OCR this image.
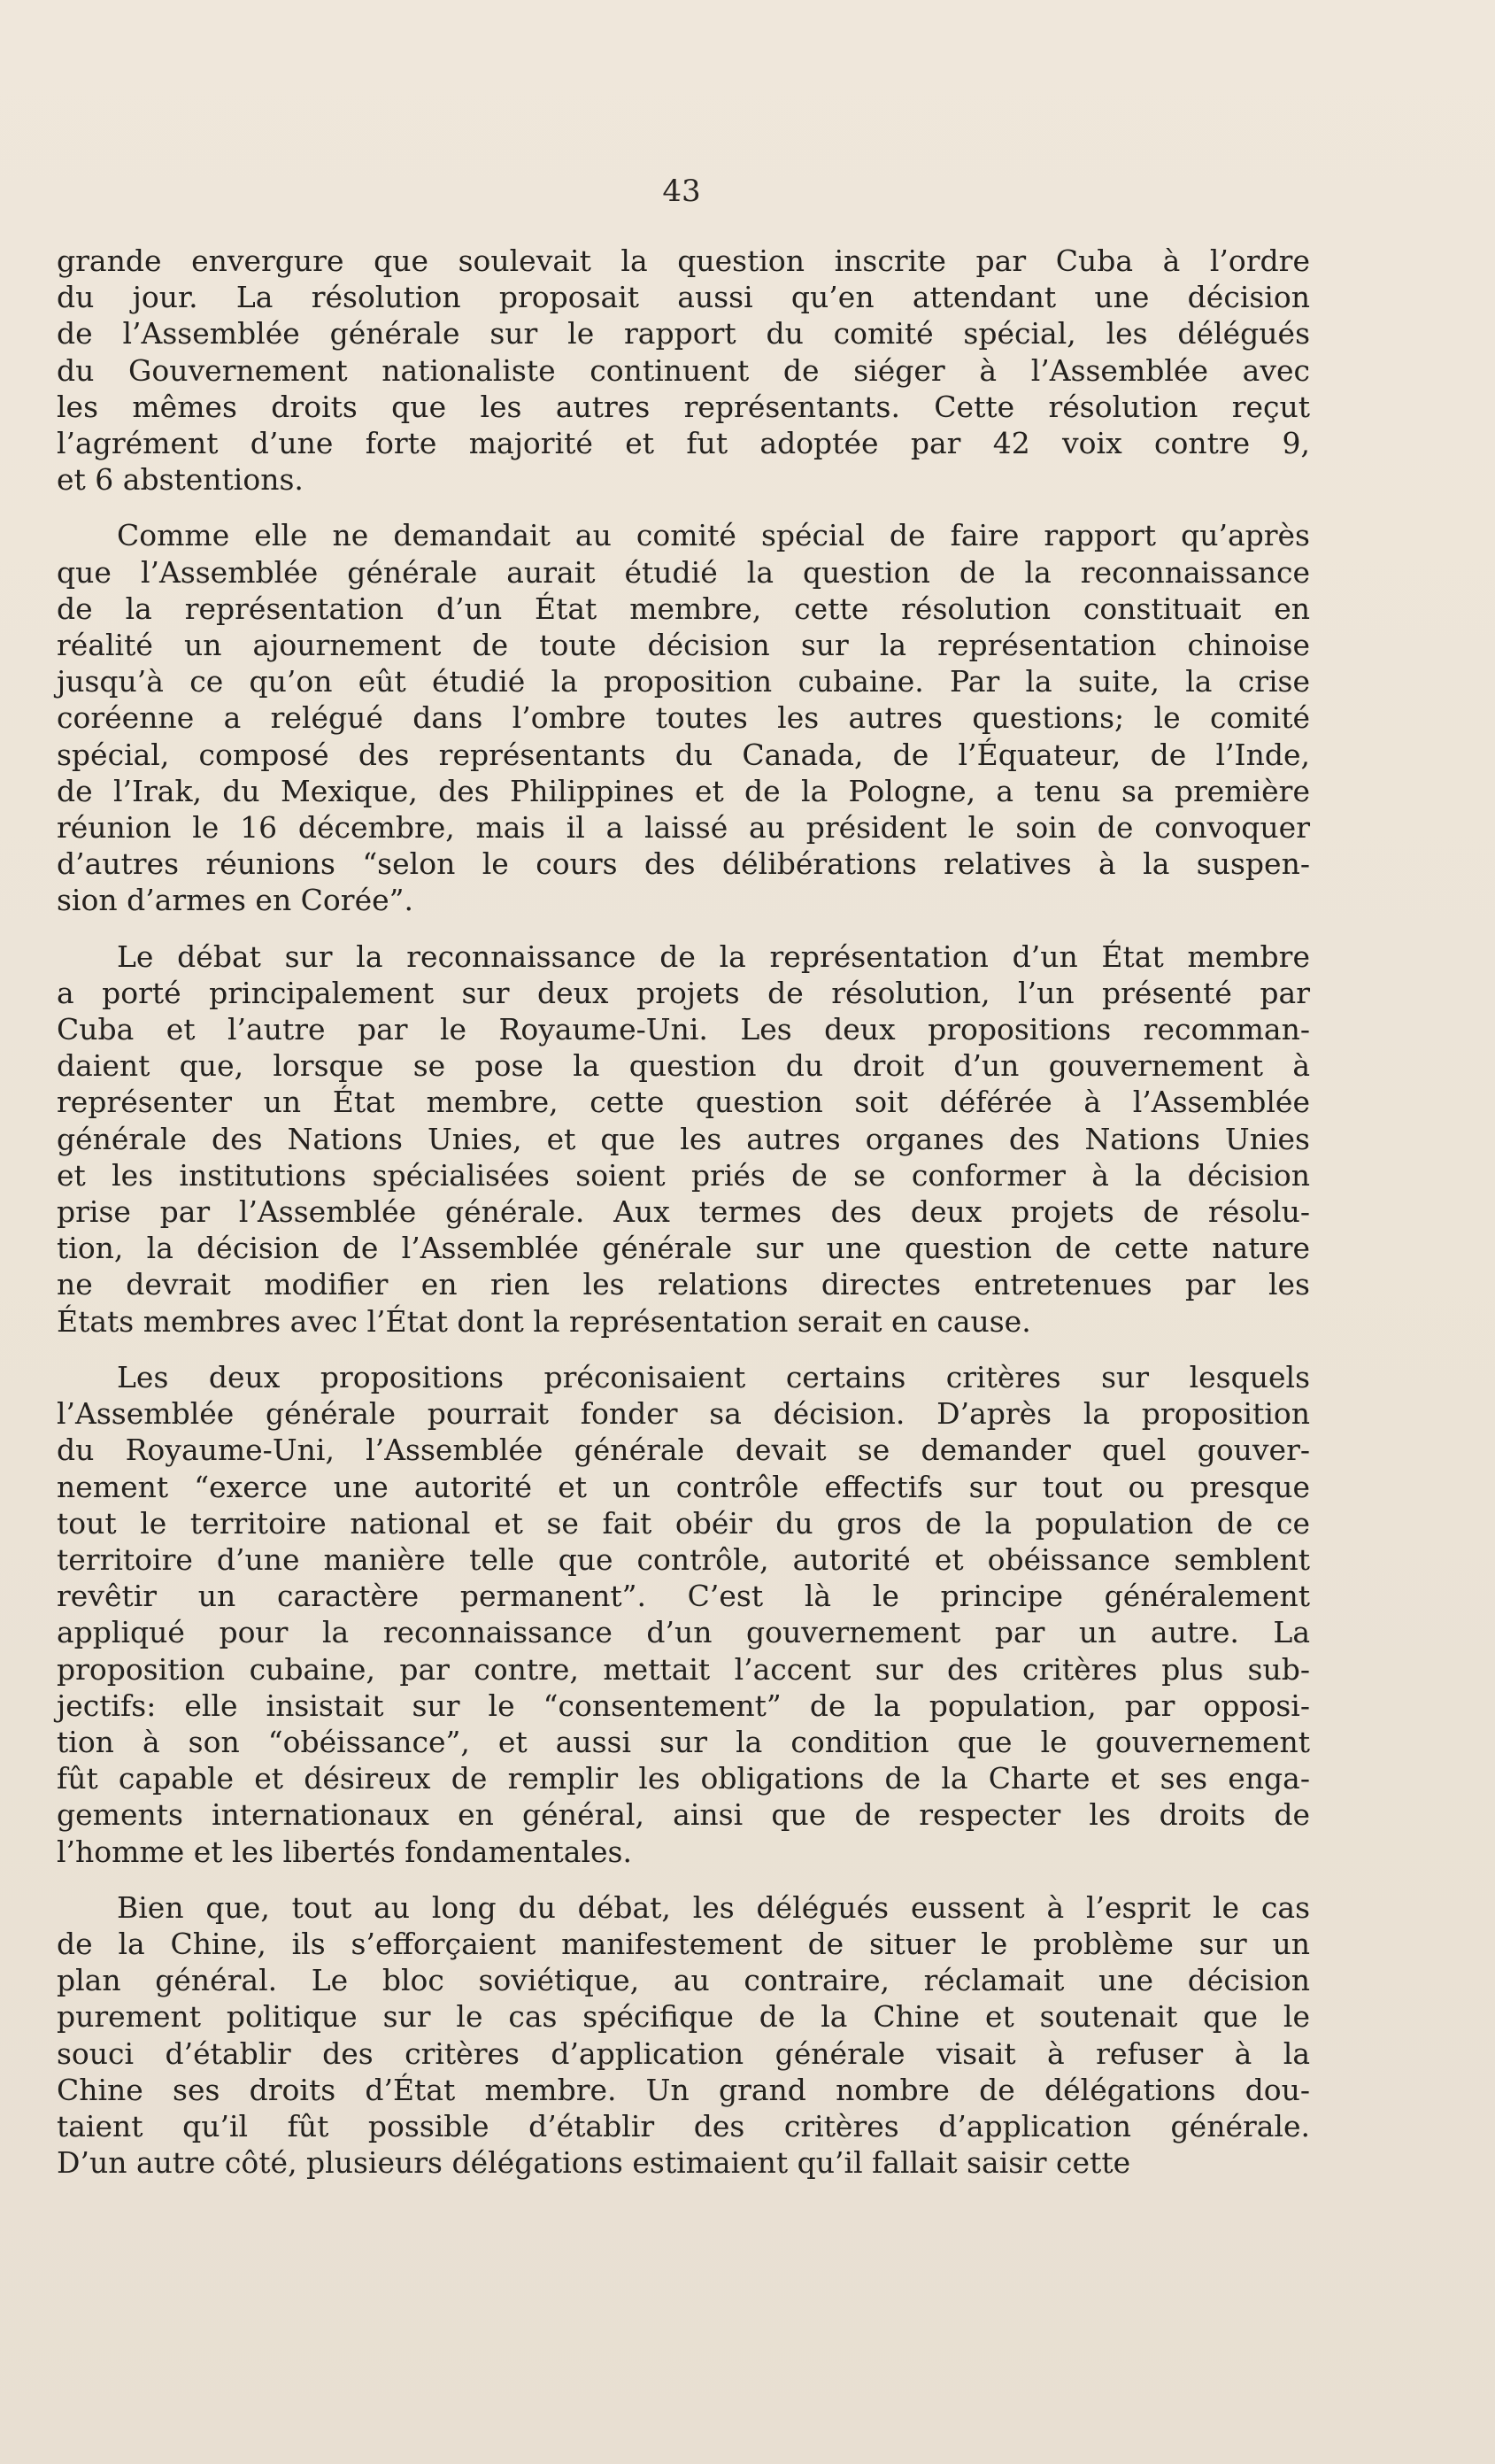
43

grande envergure que soulevait la question inscrite par Cuba à l’ordre
du jour. La résolution proposait aussi qu’en attendant une décision
de l’Assemblée générale sur le rapport du comité spécial, les délégués
du Gouvernement nationaliste continuent de siéger à l’Assemblée avec
les mêmes droits que les autres représentants. Cette résolution reçut
l’agrément d’une forte majorité et fut adoptée par 42 voix contre 9,
et 6 abstentions.

Comme elle ne demandait au comité spécial de faire rapport qu’après
que l’Assemblée générale aurait étudié la question de la reconnaissance
de la représentation d’un État membre, cette résolution constituait en
réalité un ajournement de toute décision sur la représentation chinoise
jusqu’à ce qu’on eût étudié la proposition cubaine. Par la suite, la crise
coréenne a relégué dans l’ombre toutes les autres questions; le comité
spécial, composé des représentants du Canada, de l’Équateur, de l’Inde,
de l’Irak, du Mexique, des Philippines et de la Pologne, a tenu sa première
réunion le 16 décembre, mais il a laissé au président le soin de convoquer
d’autres réunions “selon le cours des délibérations relatives à la suspen-
sion d’armes en Corée”.

Le débat sur la reconnaissance de la représentation d’un État membre
a porté principalement sur deux projets de résolution, l’un présenté par
Cuba et l’autre par le Royaume-Uni. Les deux propositions recomman-
daient que, lorsque se pose la question du droit d’un gouvernement à
représenter un État membre, cette question soit déférée à l’Assemblée
générale des Nations Unies, et que les autres organes des Nations Unies
et les institutions spécialisées soient priés de se conformer à la décision
prise par l’Assemblée générale. Aux termes des deux projets de résolu-
tion, la décision de l’Assemblée générale sur une question de cette nature
ne devrait modifier en rien les relations directes entretenues par les
États membres avec l’État dont la représentation serait en cause.

Les deux propositions préconisaient certains critères sur lesquels
l’Assemblée générale pourrait fonder sa décision. D’après la proposition
du Royaume-Uni, l’Assemblée générale devait se demander quel gouver-
nement “exerce une autorité et un contrôle effectifs sur tout ou presque
tout le territoire national et se fait obéir du gros de la population de ce
territoire d’une manière telle que contrôle, autorité et obéissance semblent
revêtir un caractère permanent”. C’est là le principe généralement
appliqué pour la reconnaissance d’un gouvernement par un autre. La
proposition cubaine, par contre, mettait l’accent sur des critères plus sub-
jectifs: elle insistait sur le “consentement” de la population, par opposi-
tion à son “obéissance”, et aussi sur la condition que le gouvernement
fût capable et désireux de remplir les obligations de la Charte et ses enga-
gements internationaux en général, ainsi que de respecter les droits de
l’homme et les libertés fondamentales.

Bien que, tout au long du débat, les délégués eussent à l’esprit le cas
de la Chine, ils s’efforçaient manifestement de situer le problème sur un
plan général. Le bloc soviétique, au contraire, réclamait une décision
purement politique sur le cas spécifique de la Chine et soutenait que le
souci d’établir des critères d’application générale visait à refuser à la
Chine ses droits d’État membre. Un grand nombre de délégations dou-
taient qu’il fût possible d’établir des critères d’application générale.
D’un autre côté, plusieurs délégations estimaient qu’il fallait saisir cette
